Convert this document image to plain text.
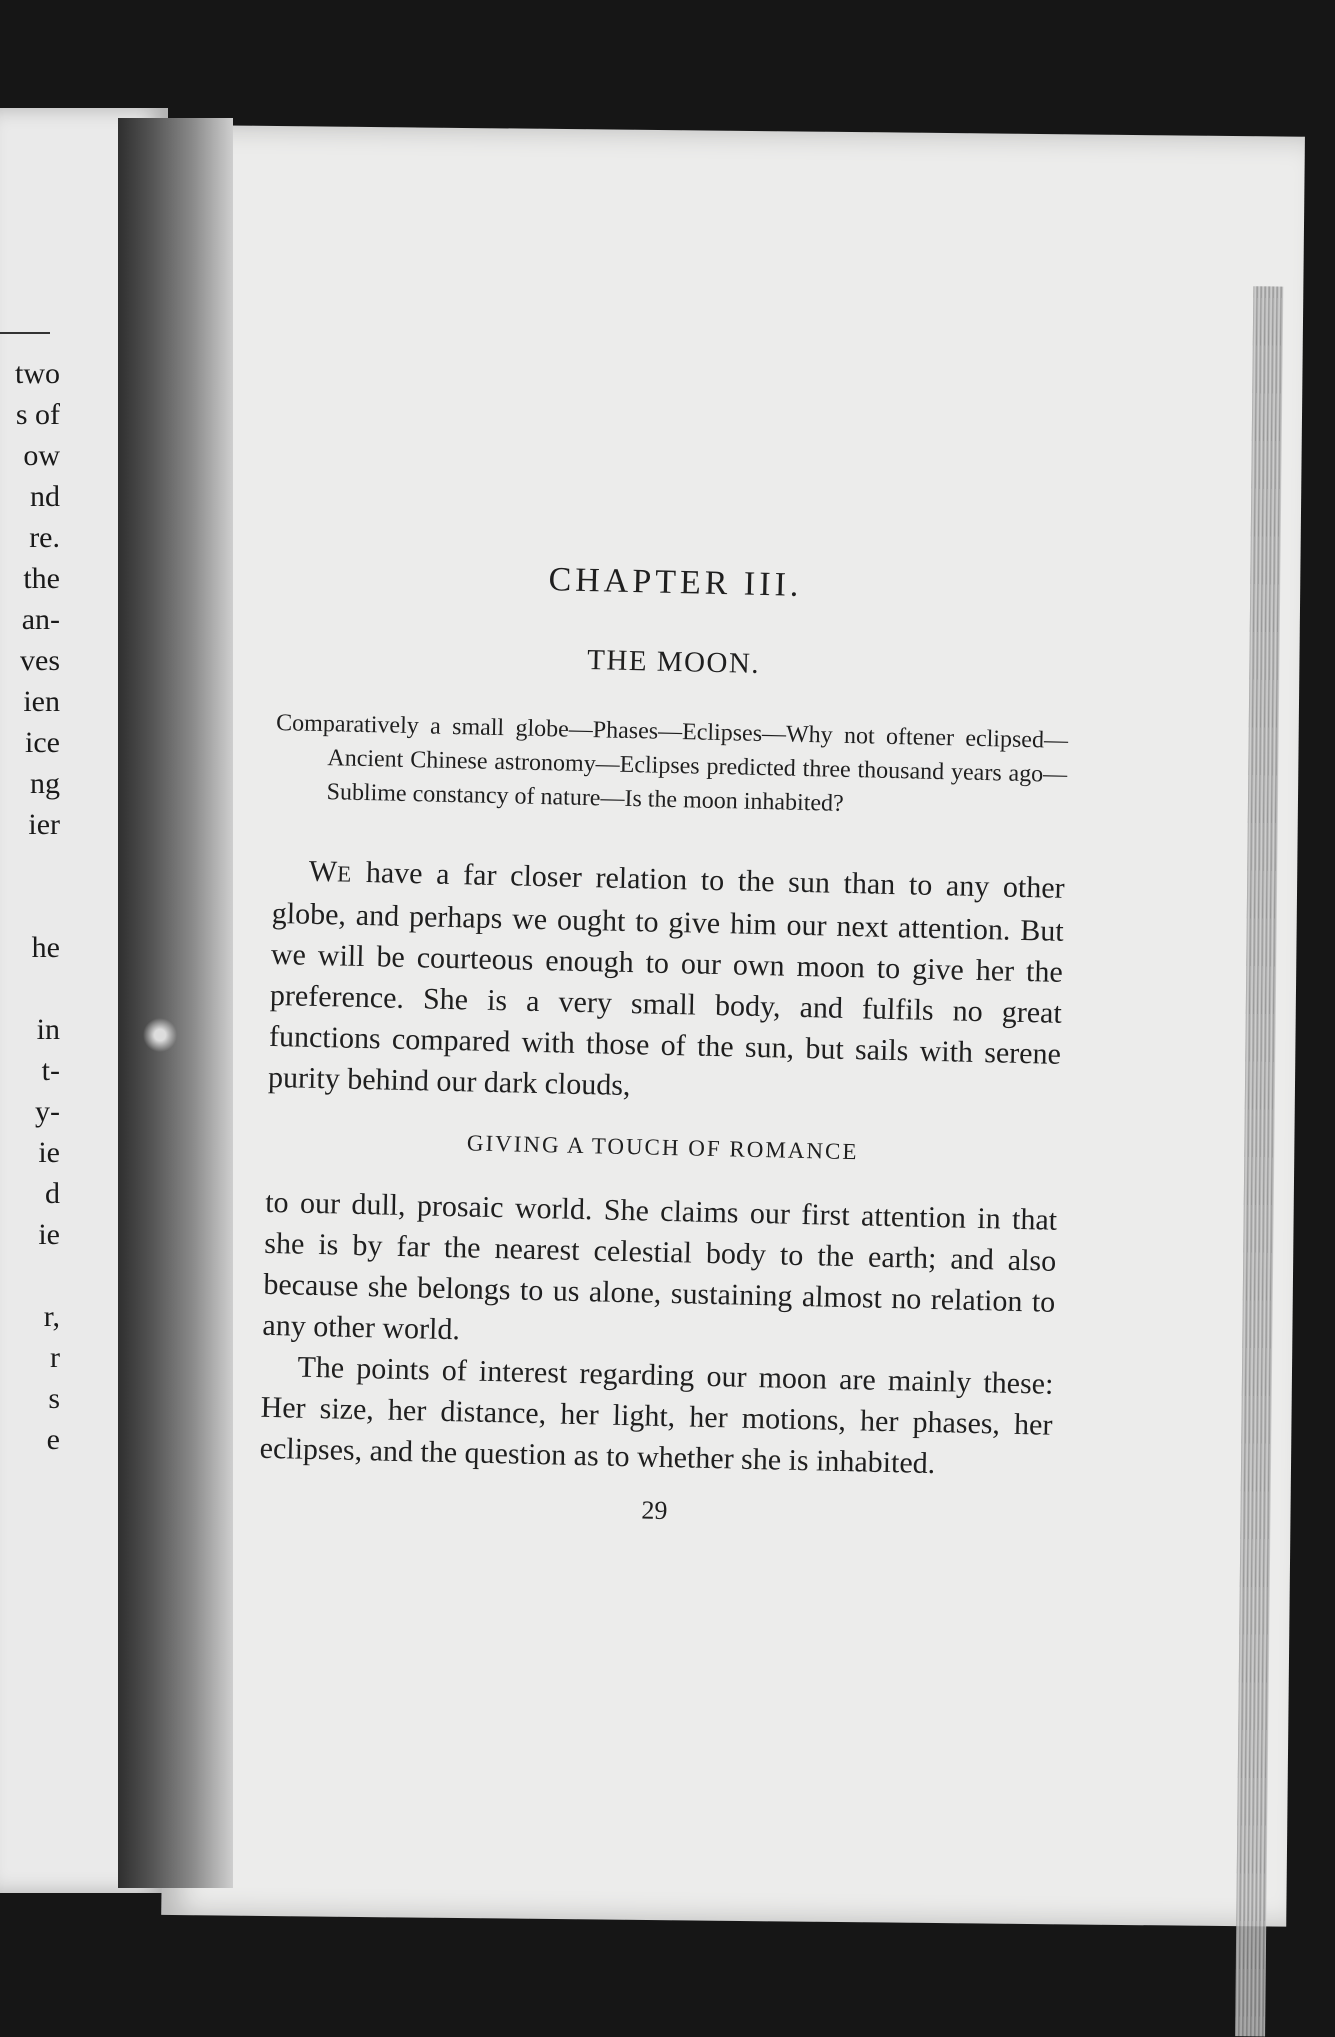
two
s of
ow
nd
re.
the
an-
ves
ien
ice
ng
ier
he
in
t-
y-
ie
d
ie
r,
r
s
e
CHAPTER III.
THE MOON.

Comparatively a small globe—Phases—Eclipses—Why not oftener eclipsed—Ancient Chinese astronomy—Eclipses predicted three thousand years ago—Sublime constancy of nature—Is the moon inhabited?

WE have a far closer relation to the sun than to any other globe, and perhaps we ought to give him our next attention. But we will be courteous enough to our own moon to give her the preference. She is a very small body, and fulfils no great functions compared with those of the sun, but sails with serene purity behind our dark clouds,

GIVING A TOUCH OF ROMANCE

to our dull, prosaic world. She claims our first attention in that she is by far the nearest celestial body to the earth; and also because she belongs to us alone, sustaining almost no relation to any other world.

The points of interest regarding our moon are mainly these: Her size, her distance, her light, her motions, her phases, her eclipses, and the question as to whether she is inhabited.

29
